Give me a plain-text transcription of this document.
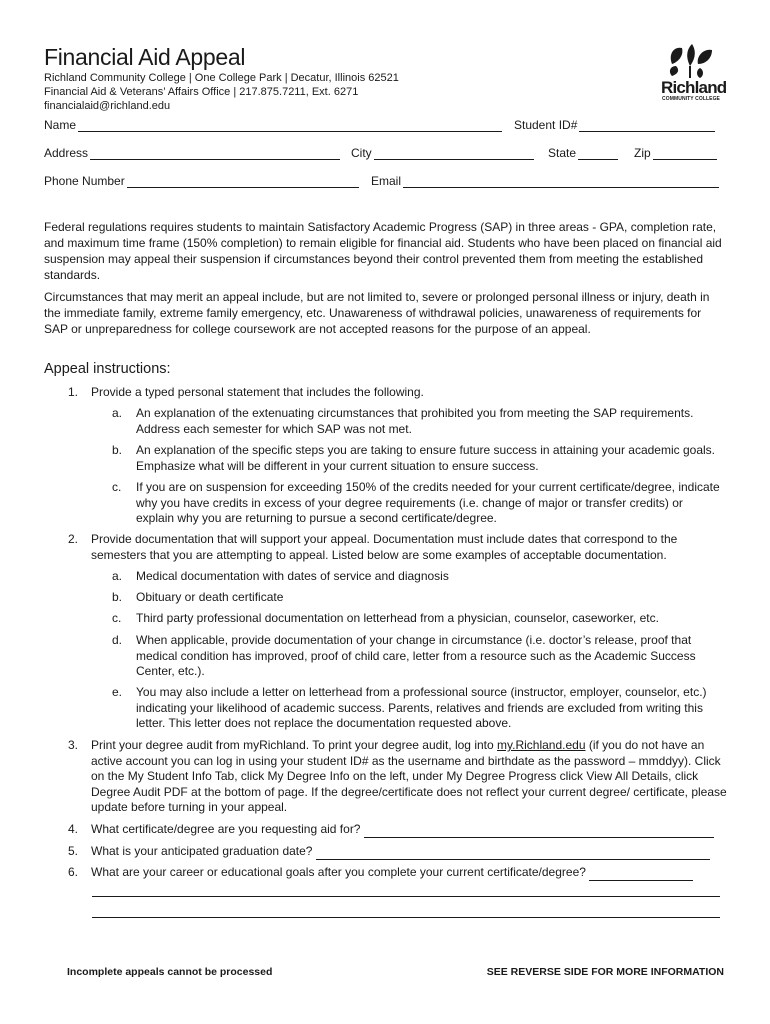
Financial Aid Appeal
Richland Community College | One College Park | Decatur, Illinois 62521
Financial Aid & Veterans’ Affairs Office | 217.875.7211, Ext. 6271
financialaid@richland.edu
Richland
COMMUNITY COLLEGE
Name	Student ID#
Address	City	State	Zip
Phone Number	Email

Federal regulations requires students to maintain Satisfactory Academic Progress (SAP) in three areas - GPA, completion rate, and maximum time frame (150% completion) to remain eligible for financial aid. Students who have been placed on financial aid suspension may appeal their suspension if circumstances beyond their control prevented them from meeting the established standards.

Circumstances that may merit an appeal include, but are not limited to, severe or prolonged personal illness or injury, death in the immediate family, extreme family emergency, etc. Unawareness of withdrawal policies, unawareness of requirements for SAP or unpreparedness for college coursework are not accepted reasons for the purpose of an appeal.

Appeal instructions:
1. Provide a typed personal statement that includes the following.
a. An explanation of the extenuating circumstances that prohibited you from meeting the SAP requirements. Address each semester for which SAP was not met.
b. An explanation of the specific steps you are taking to ensure future success in attaining your academic goals. Emphasize what will be different in your current situation to ensure success.
c. If you are on suspension for exceeding 150% of the credits needed for your current certificate/degree, indicate why you have credits in excess of your degree requirements (i.e. change of major or transfer credits) or explain why you are returning to pursue a second certificate/degree.
2. Provide documentation that will support your appeal. Documentation must include dates that correspond to the semesters that you are attempting to appeal. Listed below are some examples of acceptable documentation.
a. Medical documentation with dates of service and diagnosis
b. Obituary or death certificate
c. Third party professional documentation on letterhead from a physician, counselor, caseworker, etc.
d. When applicable, provide documentation of your change in circumstance (i.e. doctor’s release, proof that medical condition has improved, proof of child care, letter from a resource such as the Academic Success Center, etc.).
e. You may also include a letter on letterhead from a professional source (instructor, employer, counselor, etc.) indicating your likelihood of academic success. Parents, relatives and friends are excluded from writing this letter. This letter does not replace the documentation requested above.
3. Print your degree audit from myRichland. To print your degree audit, log into my.Richland.edu (if you do not have an active account you can log in using your student ID# as the username and birthdate as the password – mmddyy). Click on the My Student Info Tab, click My Degree Info on the left, under My Degree Progress click View All Details, click Degree Audit PDF at the bottom of page. If the degree/certificate does not reflect your current degree/ certificate, please update before turning in your appeal.
4. What certificate/degree are you requesting aid for?
5. What is your anticipated graduation date?
6. What are your career or educational goals after you complete your current certificate/degree?
Incomplete appeals cannot be processed	SEE REVERSE SIDE FOR MORE INFORMATION
